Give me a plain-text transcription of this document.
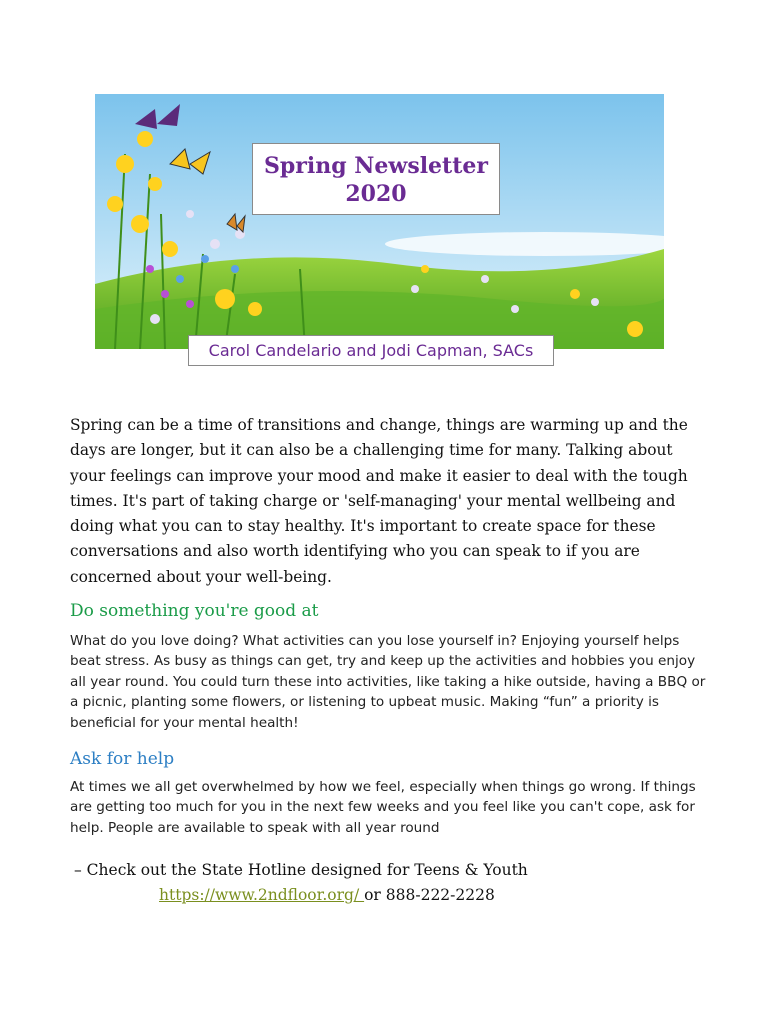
Spring Newsletter
2020
Carol Candelario and Jodi Capman, SACs

Spring can be a time of transitions and change, things are warming up and the days are longer, but it can also be a challenging time for many. Talking about your feelings can improve your mood and make it easier to deal with the tough times. It's part of taking charge or 'self-managing' your mental wellbeing and doing what you can to stay healthy. It's important to create space for these conversations and also worth identifying who you can speak to if you are concerned about your well-being.

Do something you're good at

What do you love doing? What activities can you lose yourself in? Enjoying yourself helps beat stress. As busy as things can get, try and keep up the activities and hobbies you enjoy all year round. You could turn these into activities, like taking a hike outside, having a BBQ or a picnic, planting some flowers, or listening to upbeat music. Making “fun” a priority is beneficial for your mental health!

Ask for help

At times we all get overwhelmed by how we feel, especially when things go wrong. If things are getting too much for you in the next few weeks and you feel like you can't cope, ask for help. People are available to speak with all year round

– Check out the State Hotline designed for Teens & Youth

https://www.2ndfloor.org/ or 888-222-2228
